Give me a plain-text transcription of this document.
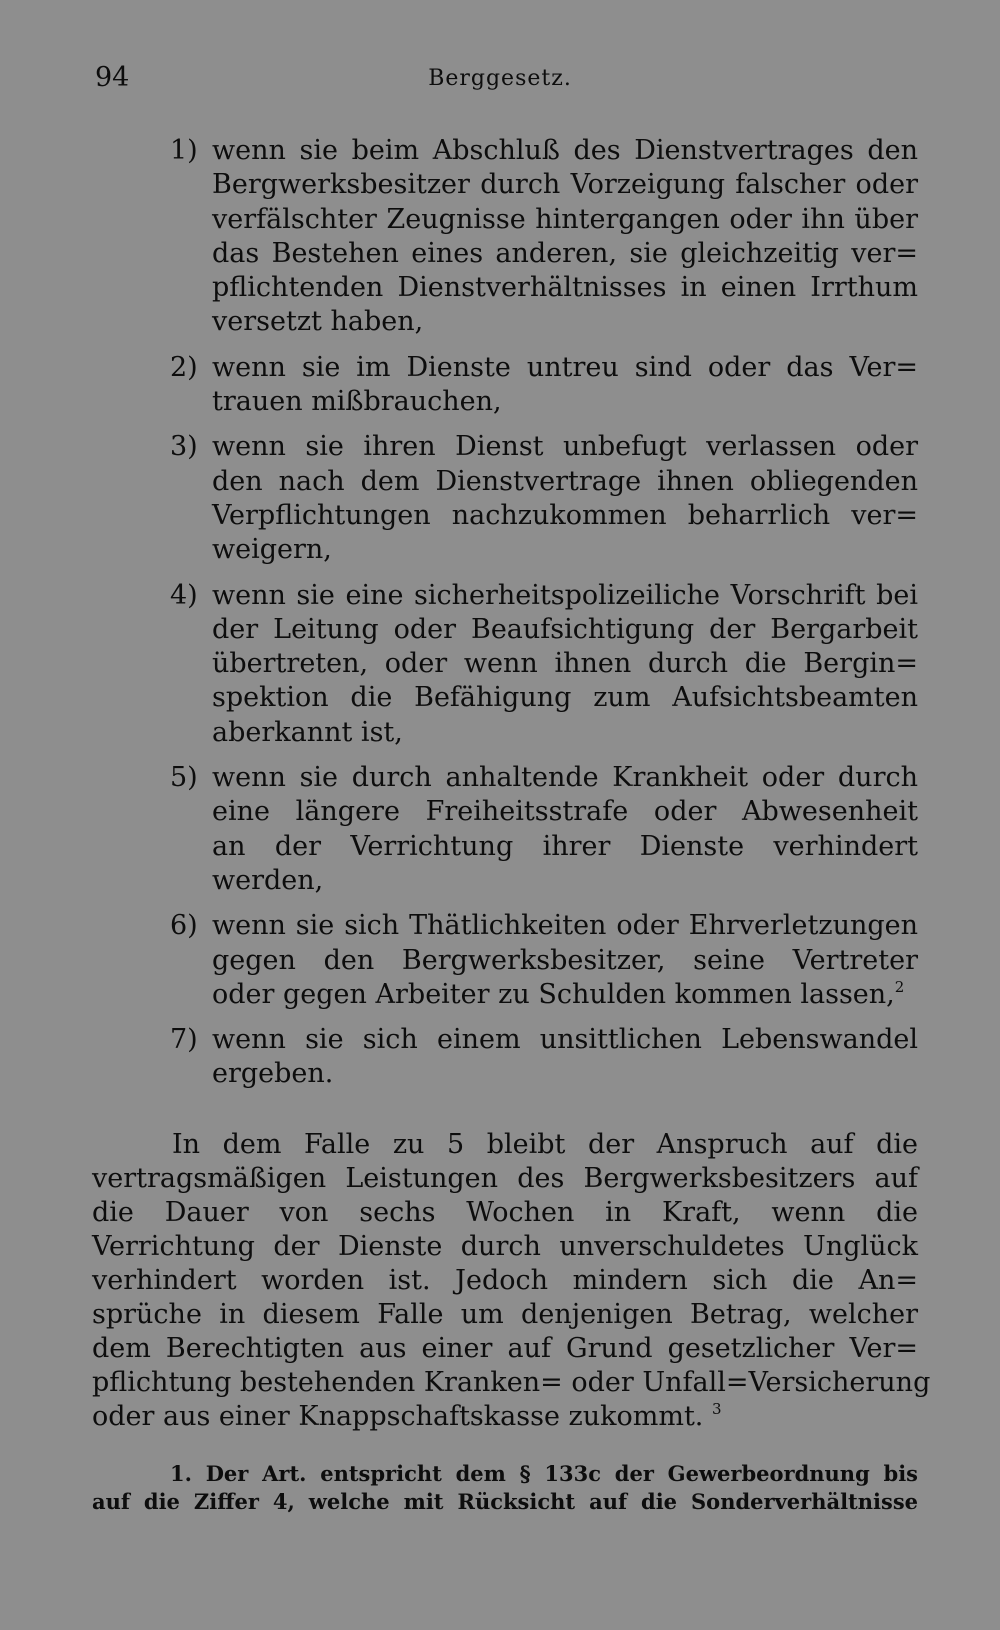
94	Berggesetz.
1) wenn sie beim Abschluß des Dienstvertrages den
Bergwerksbesitzer durch Vorzeigung falscher oder
verfälschter Zeugnisse hintergangen oder ihn über
das Bestehen eines anderen, sie gleichzeitig ver=
pflichtenden Dienstverhältnisses in einen Irrthum
versetzt haben,
2) wenn sie im Dienste untreu sind oder das Ver=
trauen mißbrauchen,
3) wenn sie ihren Dienst unbefugt verlassen oder
den nach dem Dienstvertrage ihnen obliegenden
Verpflichtungen nachzukommen beharrlich ver=
weigern,
4) wenn sie eine sicherheitspolizeiliche Vorschrift bei
der Leitung oder Beaufsichtigung der Bergarbeit
übertreten, oder wenn ihnen durch die Bergin=
spektion die Befähigung zum Aufsichtsbeamten
aberkannt ist,
5) wenn sie durch anhaltende Krankheit oder durch
eine längere Freiheitsstrafe oder Abwesenheit
an der Verrichtung ihrer Dienste verhindert
werden,
6) wenn sie sich Thätlichkeiten oder Ehrverletzungen
gegen den Bergwerksbesitzer, seine Vertreter
oder gegen Arbeiter zu Schulden kommen lassen,$^2$
7) wenn sie sich einem unsittlichen Lebenswandel
ergeben.
In dem Falle zu 5 bleibt der Anspruch auf die
vertragsmäßigen Leistungen des Bergwerksbesitzers auf
die Dauer von sechs Wochen in Kraft, wenn die
Verrichtung der Dienste durch unverschuldetes Unglück
verhindert worden ist. Jedoch mindern sich die An=
sprüche in diesem Falle um denjenigen Betrag, welcher
dem Berechtigten aus einer auf Grund gesetzlicher Ver=
pflichtung bestehenden Kranken= oder Unfall=Versicherung
oder aus einer Knappschaftskasse zukommt. $^3$
1. Der Art. entspricht dem § 133c der Gewerbeordnung bis
auf die Ziffer 4, welche mit Rücksicht auf die Sonderverhältnisse
